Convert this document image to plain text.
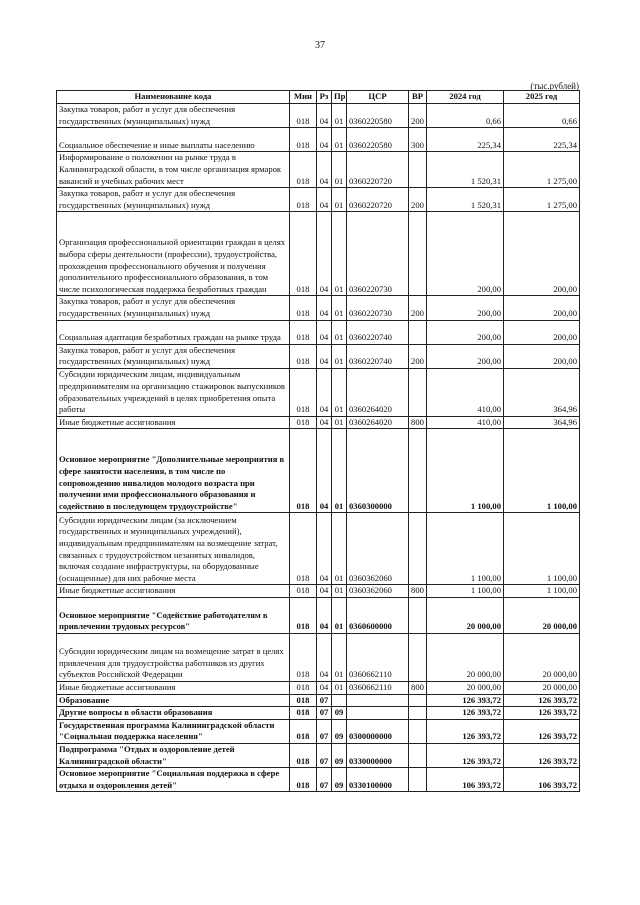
37
(тыс.рублей)
Наименование кода	Мин	Рз	Пр	ЦСР	ВР	2024 год	2025 год
Закупка товаров, работ и услуг для обеспечения государственных (муниципальных) нужд	018	04	01	0360220580	200	0,66	0,66
Социальное обеспечение и иные выплаты населению	018	04	01	0360220580	300	225,34	225,34
Информирование о положении на рынке труда в Калининградской области, в том числе организация ярмарок вакансий и учебных рабочих мест	018	04	01	0360220720		1 520,31	1 275,00
Закупка товаров, работ и услуг для обеспечения государственных (муниципальных) нужд	018	04	01	0360220720	200	1 520,31	1 275,00
Организация профессиональной ориентации граждан в целях выбора сферы деятельности (профессии), трудоустройства, прохождения профессионального обучения и получения дополнительного профессионального образования, в том числе психологическая поддержка безработных граждан	018	04	01	0360220730		200,00	200,00
Закупка товаров, работ и услуг для обеспечения государственных (муниципальных) нужд	018	04	01	0360220730	200	200,00	200,00
Социальная адаптация безработных граждан на рынке труда	018	04	01	0360220740		200,00	200,00
Закупка товаров, работ и услуг для обеспечения государственных (муниципальных) нужд	018	04	01	0360220740	200	200,00	200,00
Субсидии юридическим лицам, индивидуальным предпринимателям на организацию стажировок выпускников образовательных учреждений в целях приобретения опыта работы	018	04	01	0360264020		410,00	364,96
Иные бюджетные ассигнования	018	04	01	0360264020	800	410,00	364,96
Основное мероприятие "Дополнительные мероприятия в сфере занятости населения, в том числе по сопровождению инвалидов молодого возраста при получении ими профессионального образования и содействию в последующем трудоустройстве"	018	04	01	0360300000		1 100,00	1 100,00
Субсидии юридическим лицам (за исключением государственных и муниципальных учреждений), индивидуальным предпринимателям на возмещение затрат, связанных с трудоустройством незанятых инвалидов, включая создание инфраструктуры, на оборудованные (оснащенные) для них рабочие места	018	04	01	0360362060		1 100,00	1 100,00
Иные бюджетные ассигнования	018	04	01	0360362060	800	1 100,00	1 100,00
Основное мероприятие "Содействие работодателям в привлечении трудовых ресурсов"	018	04	01	0360600000		20 000,00	20 000,00
Субсидии юридическим лицам на возмещение затрат в целях привлечения для трудоустройства работников из других субъектов Российской Федерации	018	04	01	0360662110		20 000,00	20 000,00
Иные бюджетные ассигнования	018	04	01	0360662110	800	20 000,00	20 000,00
Образование	018	07				126 393,72	126 393,72
Другие вопросы в области образования	018	07	09			126 393,72	126 393,72
Государственная программа Калининградской области "Социальная поддержка населения"	018	07	09	0300000000		126 393,72	126 393,72
Подпрограмма "Отдых и оздоровление детей Калининградской области"	018	07	09	0330000000		126 393,72	126 393,72
Основное мероприятие "Социальная поддержка в сфере отдыха и оздоровления детей"	018	07	09	0330100000		106 393,72	106 393,72
